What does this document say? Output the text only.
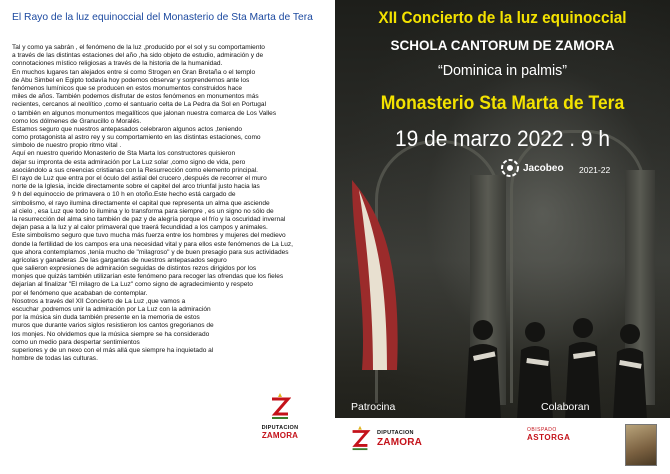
El Rayo de la luz equinoccial del Monasterio de Sta Marta de Tera
Tal y como ya sabrán , el fenómeno de la luz ,producido por el sol y su comportamiento
a través de las distintas estaciones del año ,ha sido objeto de estudio, admiración y de
connotaciones místico religiosas a través de la historia de la humanidad.
En muchos lugares tan alejados entre si como Strogen en Gran Bretaña o el templo
de Abu Simbel en Egipto todavía hoy podemos observar y sorprendernos ante los
fenómenos lumínicos que se producen en estos monumentos construidos hace
miles de años. También podemos disfrutar de estos fenómenos en monumentos más
recientes, cercanos al neolítico ,como el santuario celta de La Pedra da Sol en Portugal
o también en algunos monumentos megalíticos que jalonan nuestra comarca de Los Valles
como los dólmenes de Granucillo o Moralés.
Estamos seguro que nuestros antepasados celebraron algunos actos ,teniendo
como protagonista al astro rey y su comportamiento en las distintas estaciones, como
símbolo de nuestro propio ritmo vital .
Aquí en nuestro querido Monasterio de Sta Marta los constructores quisieron
dejar su impronta de esta admiración por La Luz solar ,como signo de vida, pero
asociándolo a sus creencias cristianas con la Resurrección como elemento principal.
El rayo de Luz que entra por el óculo del astial del crucero ,después de recorrer el muro
norte de la Iglesia, incide directamente sobre el capitel del arco triunfal justo hacia las
9 h del equinoccio de primavera o 10 h en otoño.Este hecho está cargado de
simbolismo, el rayo ilumina directamente el capital que representa un alma que asciende
al cielo , esa Luz que todo lo ilumina y lo transforma para siempre , es un signo no sólo de
la resurrección del alma sino también de paz y de alegría porque el frío y la oscuridad invernal
dejan pasa a la luz y al calor primaveral que traerá fecundidad a los campos y animales.
Este simbolismo seguro que tuvo mucha más fuerza entre los hombres y mujeres del medievo
donde la fertilidad de los campos era una necesidad vital y para ellos este fenómenos de La Luz,
que ahora contemplamos ,tenía mucho de "milagroso" y de buen presagio para sus actividades
agrícolas y ganaderas .De las gargantas de nuestros antepasados seguro
que salieron expresiones de admiración seguidas de distintos rezos dirigidos por los
monjes que quizás también utilizarían este fenómeno para recoger las ofrendas que los fieles
dejarían al finalizar "El milagro de La Luz" como signo de agradecimiento y respeto
por el fenómeno que acababan de contemplar.
Nosotros a través del XII Concierto de La Luz ,que vamos a
escuchar ,podremos unir la admiración por La Luz con la admiración
por la música sin duda también presente en la memoria de estos
muros que durante varios siglos resistieron los cantos gregorianos de
los monjes. No olvidemos que la música siempre se ha considerado
como un medio para despertar sentimientos
superiores y de un nexo con el más allá que siempre ha inquietado al
hombre de todas las culturas.
DIPUTACION
ZAMORA
XII Concierto de la luz equinoccial
SCHOLA CANTORUM DE ZAMORA
“Dominica in palmis”
Monasterio Sta Marta de Tera
19 de marzo 2022 . 9 h
Jacobeo 2021-22
Patrocina	Colaboran
DIPUTACION
ZAMORA
OBISPADO
ASTORGA
